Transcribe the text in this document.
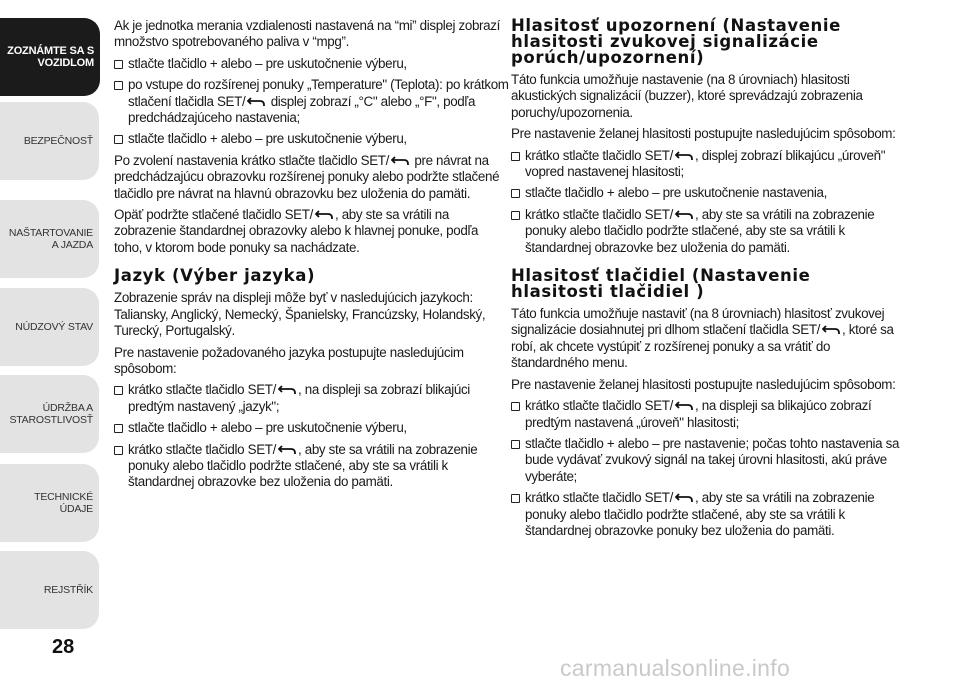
ZOZNÁMTE SA S VOZIDLOM
BEZPEČNOSŤ
NAŠTARTOVANIE A JAZDA
NÚDZOVÝ STAV
ÚDRŽBA A STAROSTLIVOSŤ
TECHNICKÉ ÚDAJE
REJSTŘÍK
28

Ak je jednotka merania vzdialenosti nastavená na “mi” displej zobrazí množstvo spotrebovaného paliva v “mpg”.

stlačte tlačidlo + alebo – pre uskutočnenie výberu,

po vstupe do rozšírenej ponuky „Temperature" (Teplota): po krátkom stlačení tlačidla SET/ displej zobrazí „°C" alebo „°F", podľa predchádzajúceho nastavenia;

stlačte tlačidlo + alebo – pre uskutočnenie výberu,

Po zvolení nastavenia krátko stlačte tlačidlo SET/ pre návrat na predchádzajúcu obrazovku rozšírenej ponuky alebo podržte stlačené tlačidlo pre návrat na hlavnú obrazovku bez uloženia do pamäti.

Opäť podržte stlačené tlačidlo SET/ , aby ste sa vrátili na zobrazenie štandardnej obrazovky alebo k hlavnej ponuke, podľa toho, v ktorom bode ponuky sa nachádzate.

Jazyk (Výber jazyka)

Zobrazenie správ na displeji môže byť v nasledujúcich jazykoch: Taliansky, Anglický, Nemecký, Španielsky, Francúzsky, Holandský, Turecký, Portugalský.

Pre nastavenie požadovaného jazyka postupujte nasledujúcim spôsobom:

krátko stlačte tlačidlo SET/ , na displeji sa zobrazí blikajúci predtým nastavený „jazyk";

stlačte tlačidlo + alebo – pre uskutočnenie výberu,

krátko stlačte tlačidlo SET/ , aby ste sa vrátili na zobrazenie ponuky alebo tlačidlo podržte stlačené, aby ste sa vrátili k štandardnej obrazovke bez uloženia do pamäti.

Hlasitosť upozornení (Nastavenie hlasitosti zvukovej signalizácie porúch/upozornení)

Táto funkcia umožňuje nastavenie (na 8 úrovniach) hlasitosti akustických signalizácií (buzzer), ktoré sprevádzajú zobrazenia poruchy/upozornenia.

Pre nastavenie želanej hlasitosti postupujte nasledujúcim spôsobom:

krátko stlačte tlačidlo SET/ , displej zobrazí blikajúcu „úroveň" vopred nastavenej hlasitosti;

stlačte tlačidlo + alebo – pre uskutočnenie nastavenia,

krátko stlačte tlačidlo SET/ , aby ste sa vrátili na zobrazenie ponuky alebo tlačidlo podržte stlačené, aby ste sa vrátili k štandardnej obrazovke bez uloženia do pamäti.

Hlasitosť tlačidiel (Nastavenie hlasitosti tlačidiel )

Táto funkcia umožňuje nastaviť (na 8 úrovniach) hlasitosť zvukovej signalizácie dosiahnutej pri dlhom stlačení tlačidla SET/ , ktoré sa robí, ak chcete vystúpiť z rozšírenej ponuky a sa vrátiť do štandardného menu.

Pre nastavenie želanej hlasitosti postupujte nasledujúcim spôsobom:

krátko stlačte tlačidlo SET/ , na displeji sa blikajúco zobrazí predtým nastavená „úroveň" hlasitosti;

stlačte tlačidlo + alebo – pre nastavenie; počas tohto nastavenia sa bude vydávať zvukový signál na takej úrovni hlasitosti, akú práve vyberáte;

krátko stlačte tlačidlo SET/ , aby ste sa vrátili na zobrazenie ponuky alebo tlačidlo podržte stlačené, aby ste sa vrátili k štandardnej obrazovke ponuky bez uloženia do pamäti.

carmanualsonline.info
